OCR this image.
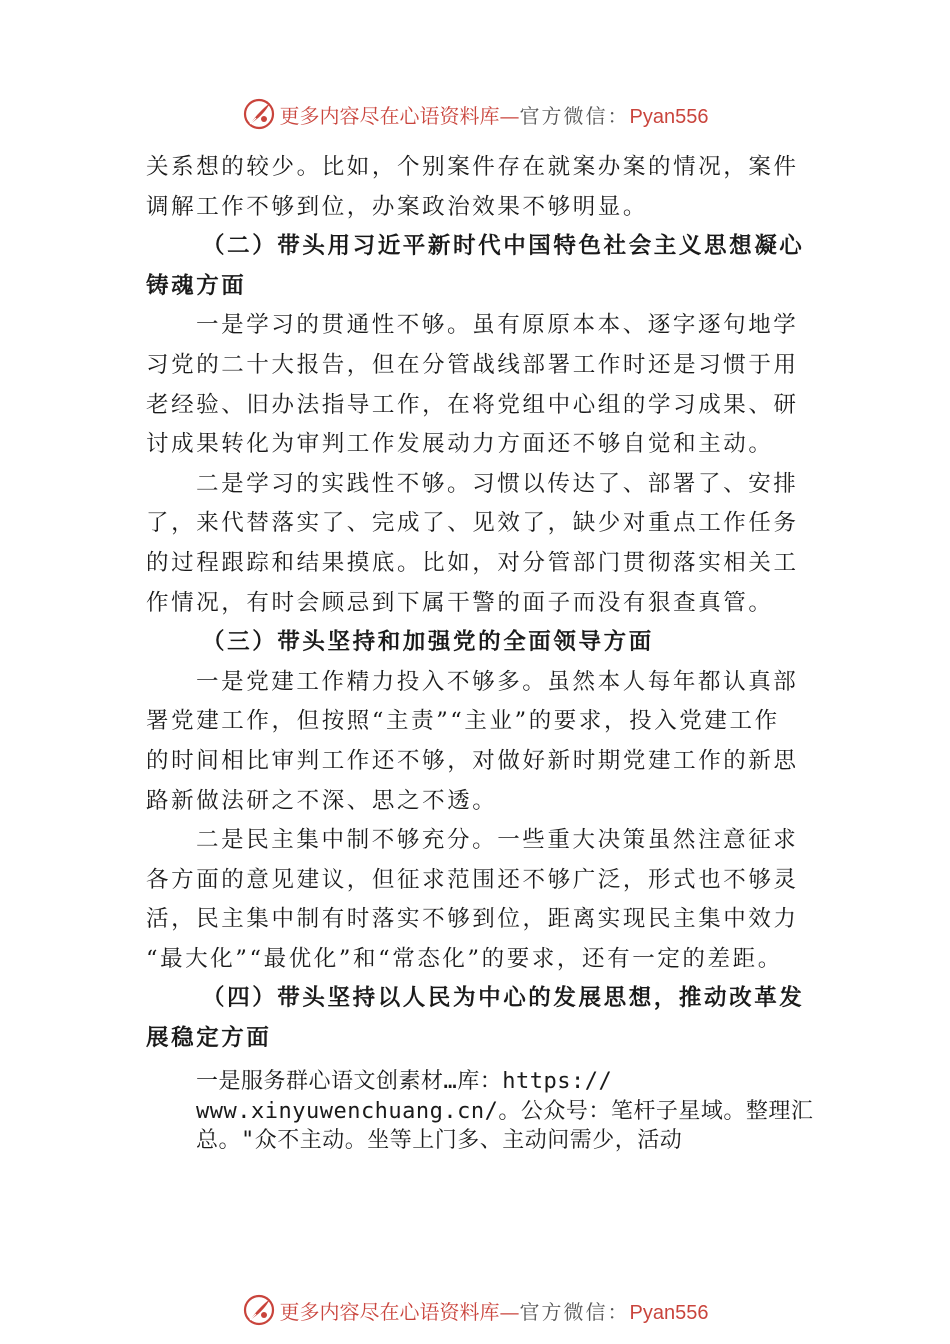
更多内容尽在心语资料库—官方微信：Pyan556
关系想的较少。比如，个别案件存在就案办案的情况，案件
调解工作不够到位，办案政治效果不够明显。
（二）带头用习近平新时代中国特色社会主义思想凝心
铸魂方面
一是学习的贯通性不够。虽有原原本本、逐字逐句地学
习党的二十大报告，但在分管战线部署工作时还是习惯于用
老经验、旧办法指导工作，在将党组中心组的学习成果、研
讨成果转化为审判工作发展动力方面还不够自觉和主动。
二是学习的实践性不够。习惯以传达了、部署了、安排
了，来代替落实了、完成了、见效了，缺少对重点工作任务
的过程跟踪和结果摸底。比如，对分管部门贯彻落实相关工
作情况，有时会顾忌到下属干警的面子而没有狠查真管。
（三）带头坚持和加强党的全面领导方面
一是党建工作精力投入不够多。虽然本人每年都认真部
署党建工作，但按照“主责”“主业”的要求，投入党建工作
的时间相比审判工作还不够，对做好新时期党建工作的新思
路新做法研之不深、思之不透。
二是民主集中制不够充分。一些重大决策虽然注意征求
各方面的意见建议，但征求范围还不够广泛，形式也不够灵
活，民主集中制有时落实不够到位，距离实现民主集中效力
“最大化”“最优化”和“常态化”的要求，还有一定的差距。
（四）带头坚持以人民为中心的发展思想，推动改革发
展稳定方面
一是服务群心语文创素材…库：https://
www.xinyuwenchuang.cn/。公众号：笔杆子星域。整理汇
总。"众不主动。坐等上门多、主动问需少，活动
更多内容尽在心语资料库—官方微信：Pyan556
